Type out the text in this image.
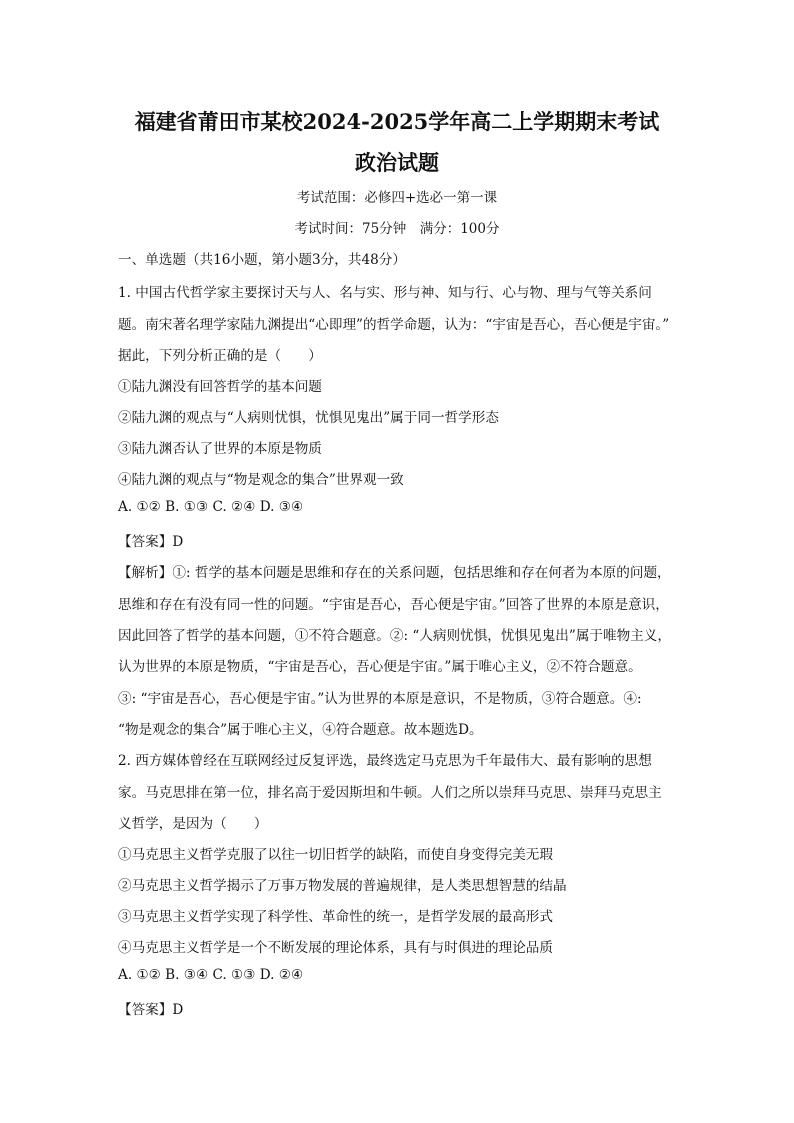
福建省莆田市某校2024-2025学年高二上学期期末考试
政治试题
考试范围：必修四+选必一第一课
考试时间：75分钟　满分：100分
一、单选题（共16小题，第小题3分，共48分）
1. 中国古代哲学家主要探讨天与人、名与实、形与神、知与行、心与物、理与气等关系问
题。南宋著名理学家陆九渊提出“心即理”的哲学命题，认为：“宇宙是吾心，吾心便是宇宙。”
据此，下列分析正确的是（　　）
①陆九渊没有回答哲学的基本问题
②陆九渊的观点与“人病则忧惧，忧惧见鬼出”属于同一哲学形态
③陆九渊否认了世界的本原是物质
④陆九渊的观点与“物是观念的集合”世界观一致
A. ①② B. ①③ C. ②④ D. ③④
【答案】D
【解析】①: 哲学的基本问题是思维和存在的关系问题，包括思维和存在何者为本原的问题，
思维和存在有没有同一性的问题。“宇宙是吾心，吾心便是宇宙。”回答了世界的本原是意识，
因此回答了哲学的基本问题，①不符合题意。②: “人病则忧惧，忧惧见鬼出”属于唯物主义，
认为世界的本原是物质，“宇宙是吾心，吾心便是宇宙。”属于唯心主义，②不符合题意。
③: “宇宙是吾心，吾心便是宇宙。”认为世界的本原是意识，不是物质，③符合题意。④:
“物是观念的集合”属于唯心主义，④符合题意。故本题选D。
2. 西方媒体曾经在互联网经过反复评选，最终选定马克思为千年最伟大、最有影响的思想
家。马克思排在第一位，排名高于爱因斯坦和牛顿。人们之所以崇拜马克思、崇拜马克思主
义哲学，是因为（　　）
①马克思主义哲学克服了以往一切旧哲学的缺陷，而使自身变得完美无瑕
②马克思主义哲学揭示了万事万物发展的普遍规律，是人类思想智慧的结晶
③马克思主义哲学实现了科学性、革命性的统一，是哲学发展的最高形式
④马克思主义哲学是一个不断发展的理论体系，具有与时俱进的理论品质
A. ①② B. ③④ C. ①③ D. ②④
【答案】D
